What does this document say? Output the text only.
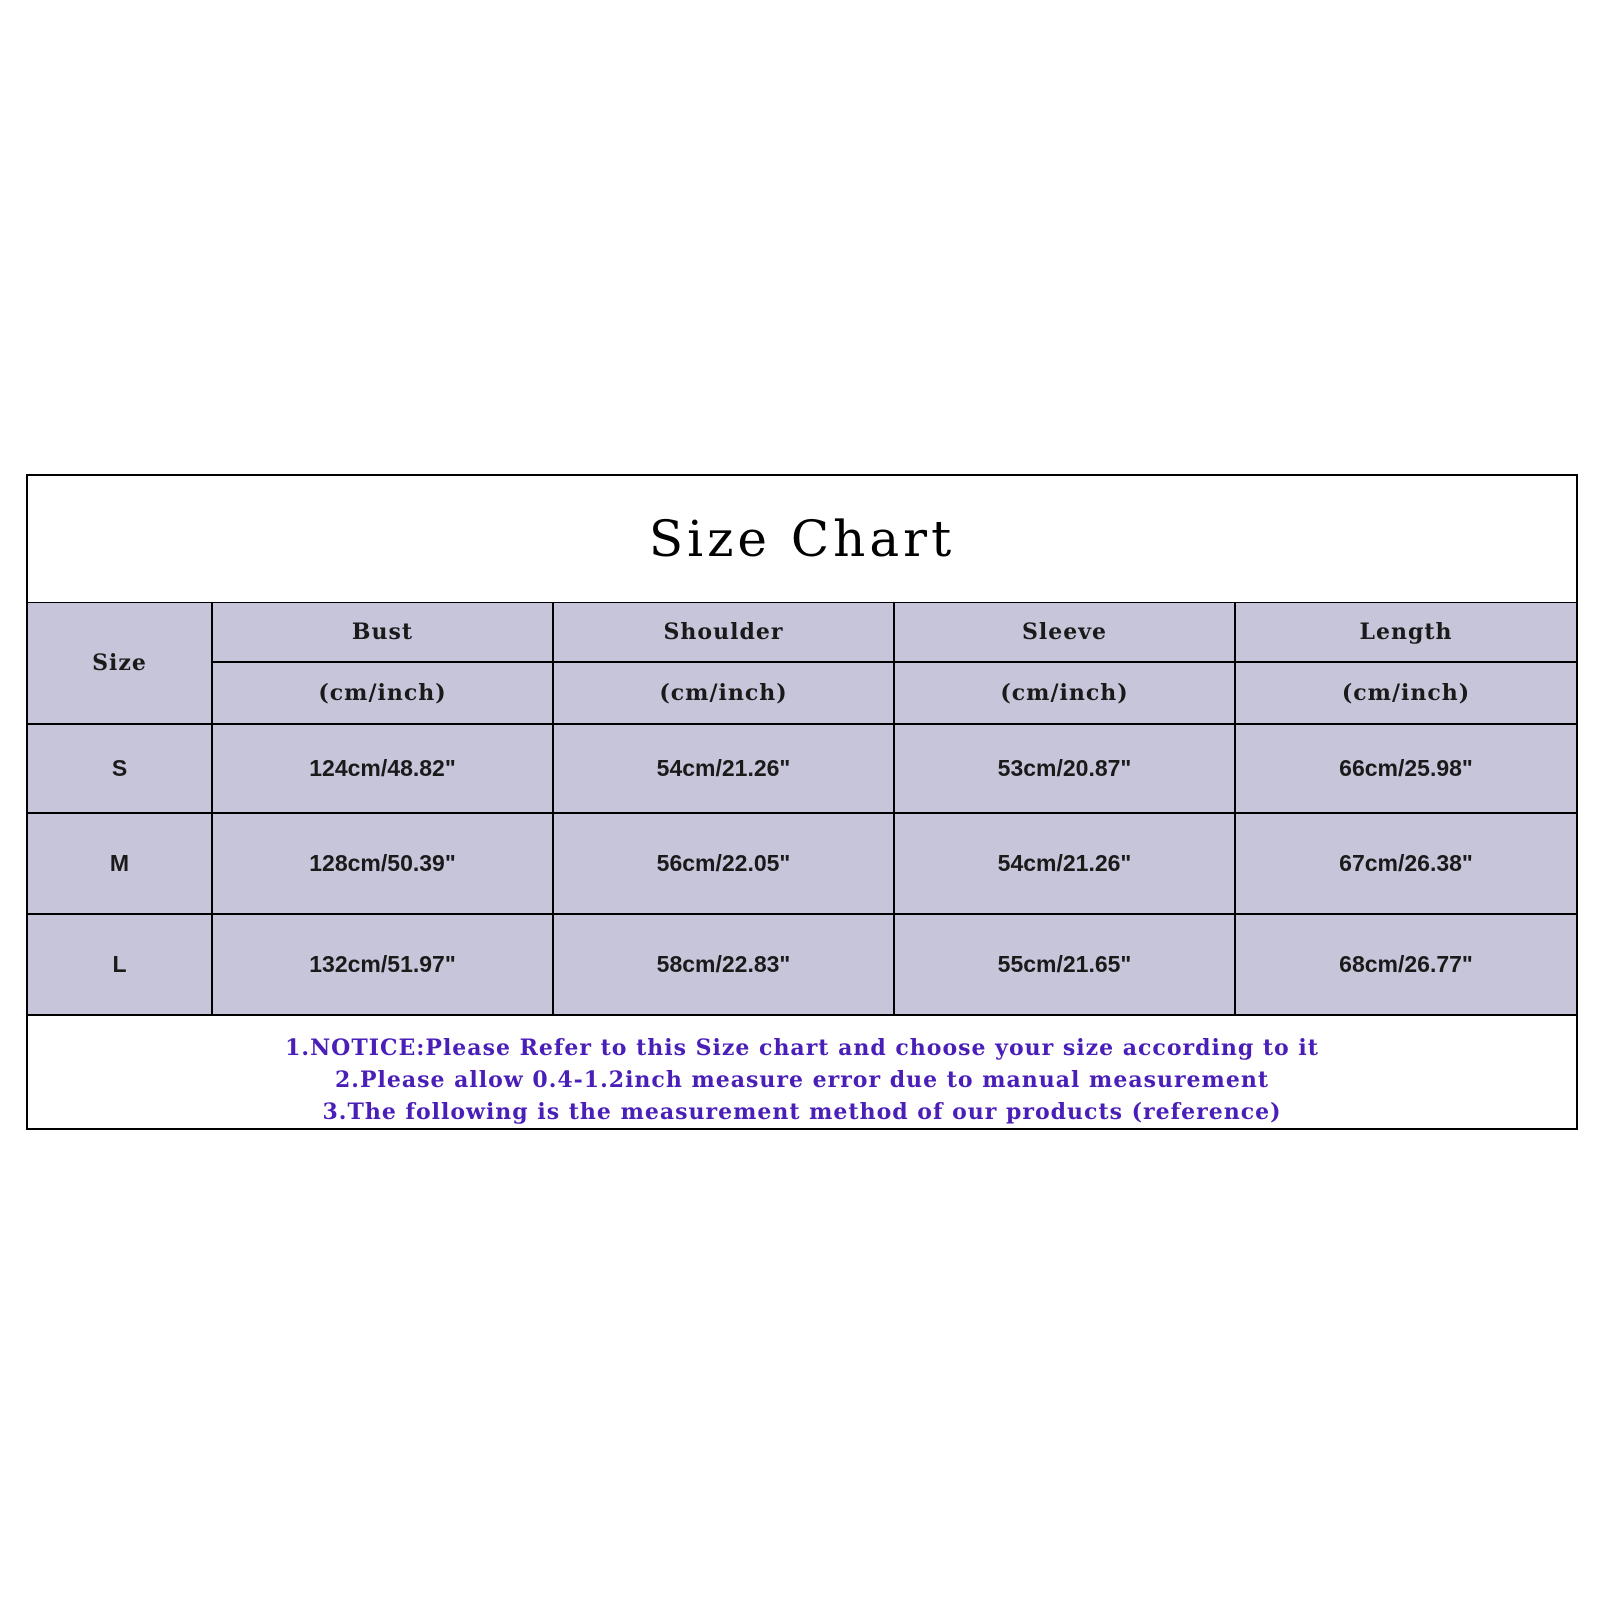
Size Chart
Size	Bust	Shoulder	Sleeve	Length
	(cm/inch)	(cm/inch)	(cm/inch)	(cm/inch)
S	124cm/48.82"	54cm/21.26"	53cm/20.87"	66cm/25.98"
M	128cm/50.39"	56cm/22.05"	54cm/21.26"	67cm/26.38"
L	132cm/51.97"	58cm/22.83"	55cm/21.65"	68cm/26.77"
1.NOTICE:Please Refer to this Size chart and choose your size according to it
2.Please allow 0.4-1.2inch measure error due to manual measurement
3.The following is the measurement method of our products (reference)
